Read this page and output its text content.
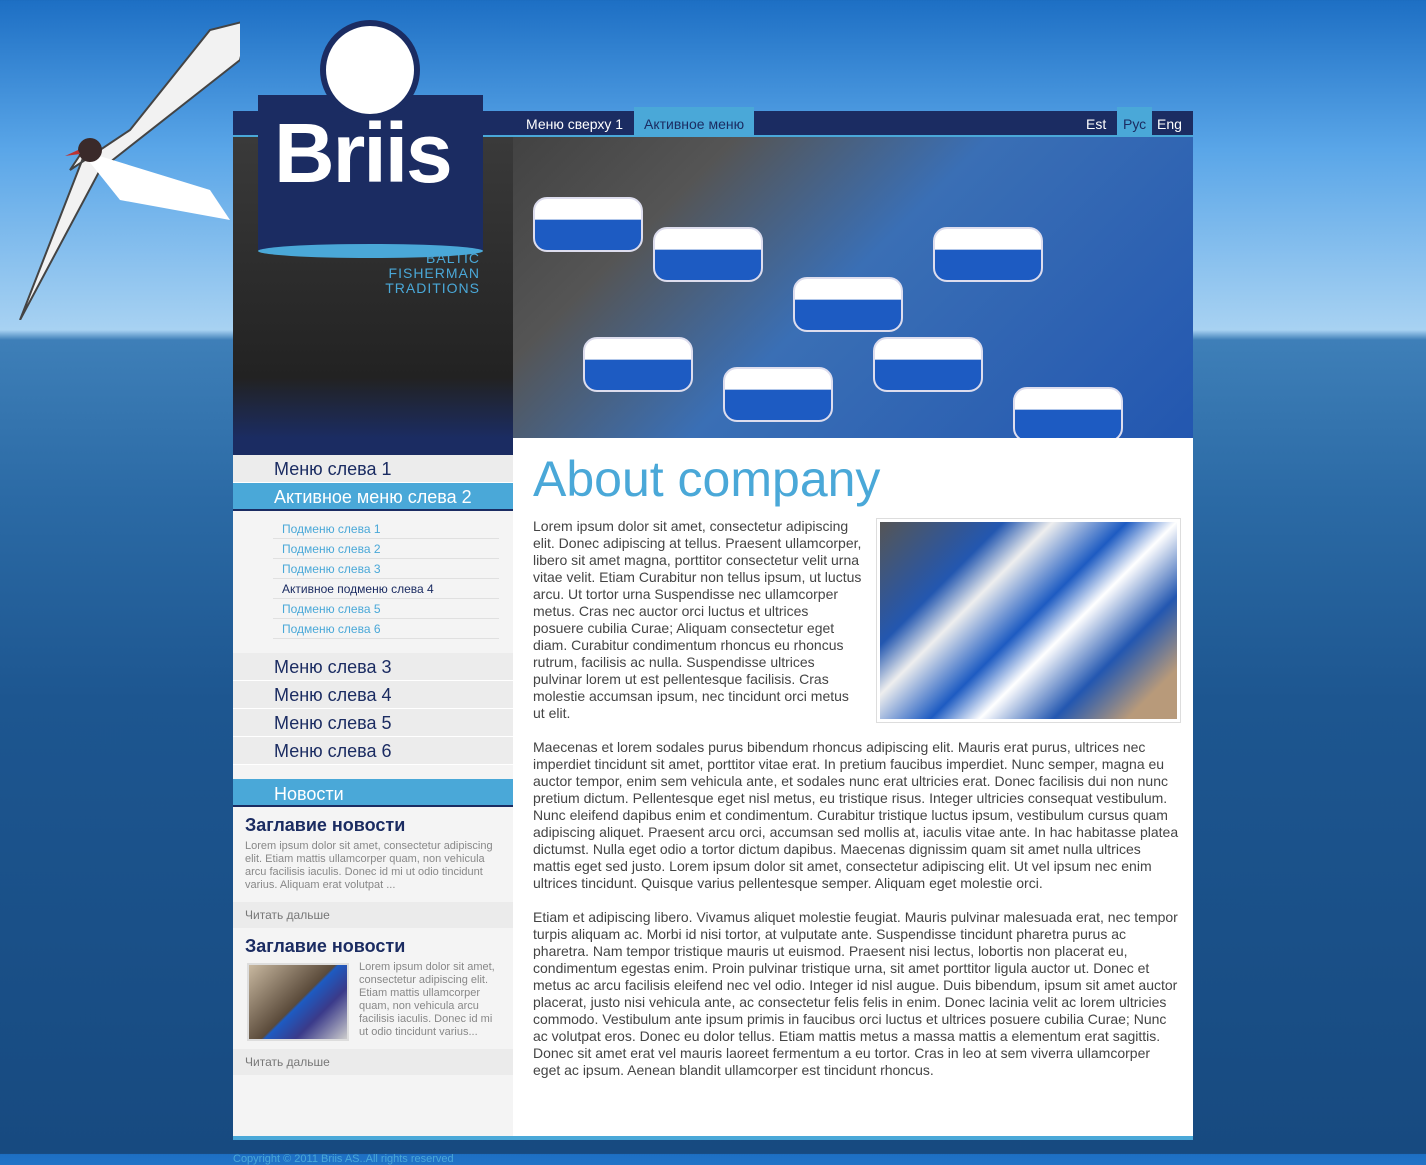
Меню сверху 1	Активное меню	Est	Рус Eng
Меню слева 1
Активное меню слева 2
Подменю слева 1
Подменю слева 2
Подменю слева 3
Активное подменю слева 4
Подменю слева 5
Подменю слева 6
Меню слева 3
Меню слева 4
Меню слева 5
Меню слева 6
Новости
Заглавие новости

Lorem ipsum dolor sit amet, consectetur adipiscing elit. Etiam mattis ullamcorper quam, non vehicula arcu facilisis iaculis. Donec id mi ut odio tincidunt varius. Aliquam erat volutpat ...

Читать дальше
Заглавие новости

Lorem ipsum dolor sit amet, consectetur adipiscing elit. Etiam mattis ullamcorper quam, non vehicula arcu facilisis iaculis. Donec id mi ut odio tincidunt varius...

Читать дальше
About company

Lorem ipsum dolor sit amet, consectetur adipiscing elit. Donec adipiscing at tellus. Praesent ullamcorper, libero sit amet magna, porttitor consectetur velit urna vitae velit. Etiam Curabitur non tellus ipsum, ut luctus arcu. Ut tortor urna Suspendisse nec ullamcorper metus. Cras nec auctor orci luctus et ultrices posuere cubilia Curae; Aliquam consectetur eget diam. Curabitur condimentum rhoncus eu rhoncus rutrum, facilisis ac nulla. Suspendisse ultrices pulvinar lorem ut est pellentesque facilisis. Cras molestie accumsan ipsum, nec tincidunt orci metus ut elit.

Maecenas et lorem sodales purus bibendum rhoncus adipiscing elit. Mauris erat purus, ultrices nec imperdiet tincidunt sit amet, porttitor vitae erat. In pretium faucibus imperdiet. Nunc semper, magna eu auctor tempor, enim sem vehicula ante, et sodales nunc erat ultricies erat. Donec facilisis dui non nunc pretium dictum. Pellentesque eget nisl metus, eu tristique risus. Integer ultricies consequat vestibulum. Nunc eleifend dapibus enim et condimentum. Curabitur tristique luctus ipsum, vestibulum cursus quam adipiscing aliquet. Praesent arcu orci, accumsan sed mollis at, iaculis vitae ante. In hac habitasse platea dictumst. Nulla eget odio a tortor dictum dapibus. Maecenas dignissim quam sit amet nulla ultrices mattis eget sed justo. Lorem ipsum dolor sit amet, consectetur adipiscing elit. Ut vel ipsum nec enim ultrices tincidunt. Quisque varius pellentesque semper. Aliquam eget molestie orci.

Etiam et adipiscing libero. Vivamus aliquet molestie feugiat. Mauris pulvinar malesuada erat, nec tempor turpis aliquam ac. Morbi id nisi tortor, at vulputate ante. Suspendisse tincidunt pharetra purus ac pharetra. Nam tempor tristique mauris ut euismod. Praesent nisi lectus, lobortis non placerat eu, condimentum egestas enim. Proin pulvinar tristique urna, sit amet porttitor ligula auctor ut. Donec et metus ac arcu facilisis eleifend nec vel odio. Integer id nisl augue. Duis bibendum, ipsum sit amet auctor placerat, justo nisi vehicula ante, ac consectetur felis felis in enim. Donec lacinia velit ac lorem ultricies commodo. Vestibulum ante ipsum primis in faucibus orci luctus et ultrices posuere cubilia Curae; Nunc ac volutpat eros. Donec eu dolor tellus. Etiam mattis metus a massa mattis a elementum erat sagittis. Donec sit amet erat vel mauris laoreet fermentum a eu tortor. Cras in leo at sem viverra ullamcorper eget ac ipsum. Aenean blandit ullamcorper est tincidunt rhoncus.

Copyright © 2011 Briis AS..All rights reserved
Briis
BALTIC FISHERMAN TRADITIONS
